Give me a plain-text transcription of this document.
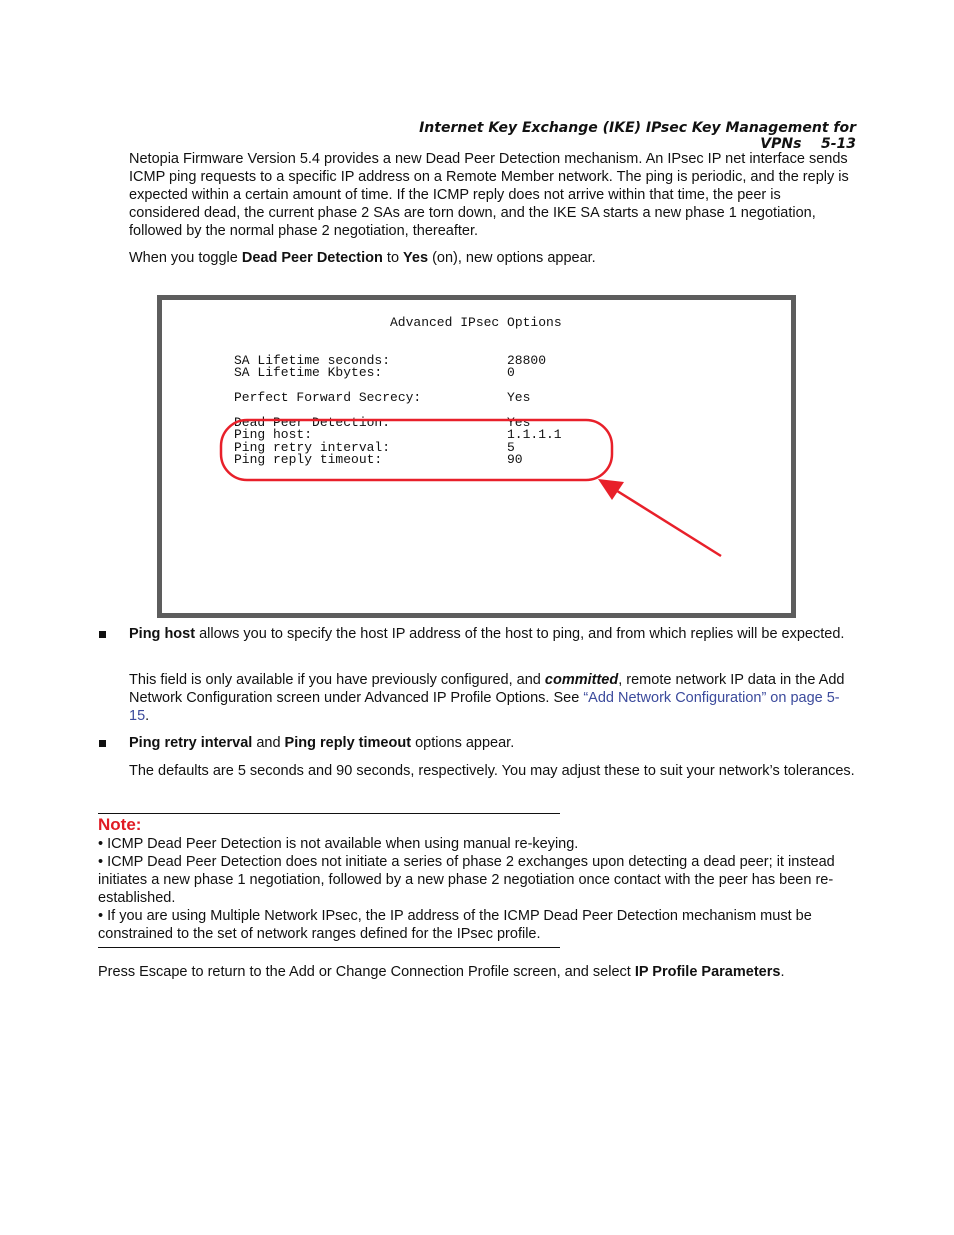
Internet Key Exchange (IKE) IPsec Key Management for VPNs 5-13
Netopia Firmware Version 5.4 provides a new Dead Peer Detection mechanism. An IPsec IP net interface sends ICMP ping requests to a specific IP address on a Remote Member network. The ping is periodic, and the reply is expected within a certain amount of time. If the ICMP reply does not arrive within that time, the peer is considered dead, the current phase 2 SAs are torn down, and the IKE SA starts a new phase 1 negotiation, followed by the normal phase 2 negotiation, thereafter.
When you toggle Dead Peer Detection to Yes (on), new options appear.
Advanced IPsec Options
SA Lifetime seconds:	28800
SA Lifetime Kbytes:	0
Perfect Forward Secrecy:	Yes
Dead Peer Detection:	Yes
Ping host:	1.1.1.1
Ping retry interval:	5
Ping reply timeout:	90
Ping host allows you to specify the host IP address of the host to ping, and from which replies will be expected.
This field is only available if you have previously configured, and committed, remote network IP data in the Add Network Configuration screen under Advanced IP Profile Options. See “Add Network Configuration” on page 5-15.
Ping retry interval and Ping reply timeout options appear.
The defaults are 5 seconds and 90 seconds, respectively. You may adjust these to suit your network’s tolerances.
Note:
• ICMP Dead Peer Detection is not available when using manual re-keying.
• ICMP Dead Peer Detection does not initiate a series of phase 2 exchanges upon detecting a dead peer; it instead initiates a new phase 1 negotiation, followed by a new phase 2 negotiation once contact with the peer has been re-established.
• If you are using Multiple Network IPsec, the IP address of the ICMP Dead Peer Detection mechanism must be constrained to the set of network ranges defined for the IPsec profile.
Press Escape to return to the Add or Change Connection Profile screen, and select IP Profile Parameters.
